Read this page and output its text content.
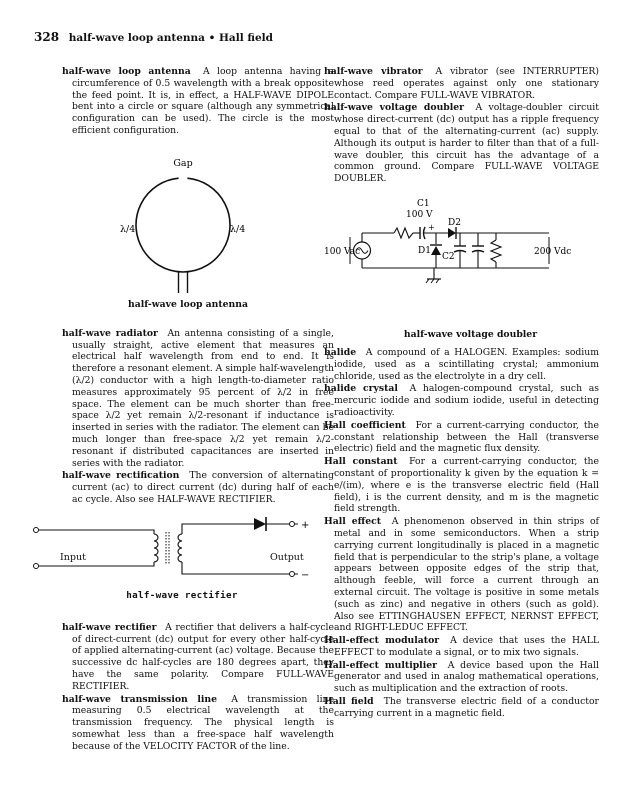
328 half-wave loop antenna • Hall field
half-wave loop antenna A loop antenna having a circumference of 0.5 wavelength with a break opposite the feed point. It is, in effect, a HALF-WAVE DIPOLE bent into a circle or square (although any symmetrical configuration can be used). The circle is the most efficient configuration.
Gap
λ/4	λ/4
half-wave loop antenna
half-wave radiator An antenna consisting of a single, usually straight, active element that measures an electrical half wavelength from end to end. It is therefore a resonant element. A simple half-wavelength (λ/2) conductor with a high length-to-diameter ratio measures approximately 95 percent of λ/2 in free space. The element can be much shorter than free-space λ/2 yet remain λ/2-resonant if inductance is inserted in series with the radiator. The element can be much longer than free-space λ/2 yet remain λ/2-resonant if distributed capacitances are inserted in series with the radiator.
half-wave rectification The conversion of alternating current (ac) to direct current (dc) during half of each ac cycle. Also see HALF-WAVE RECTIFIER.
+
−
Input	Output
half-wave rectifier
half-wave rectifier A rectifier that delivers a half-cycle of direct-current (dc) output for every other half-cycle of applied alternating-current (ac) voltage. Because the successive dc half-cycles are 180 degrees apart, they have the same polarity. Compare FULL-WAVE RECTIFIER.
half-wave transmission line A transmission line measuring 0.5 electrical wavelength at the transmission frequency. The physical length is somewhat less than a free-space half wavelength because of the VELOCITY FACTOR of the line.
half-wave vibrator A vibrator (see INTERRUPTER) whose reed operates against only one stationary contact. Compare FULL-WAVE VIBRATOR.
half-wave voltage doubler A voltage-doubler circuit whose direct-current (dc) output has a ripple frequency equal to that of the alternating-current (ac) supply. Although its output is harder to filter than that of a full-wave doubler, this circuit has the advantage of a common ground. Compare FULL-WAVE VOLTAGE DOUBLER.
C1
100 V
D2
+
100 Vac	D1
C2	200 Vdc
half-wave voltage doubler
halide A compound of a HALOGEN. Examples: sodium iodide, used as a scintillating crystal; ammonium chloride, used as the electrolyte in a dry cell.
halide crystal A halogen-compound crystal, such as mercuric iodide and sodium iodide, useful in detecting radioactivity.
Hall coefficient For a current-carrying conductor, the constant relationship between the Hall (transverse electric) field and the magnetic flux density.
Hall constant For a current-carrying conductor, the constant of proportionality k given by the equation k = e/(im), where e is the transverse electric field (Hall field), i is the current density, and m is the magnetic field strength.
Hall effect A phenomenon observed in thin strips of metal and in some semiconductors. When a strip carrying current longitudinally is placed in a magnetic field that is perpendicular to the strip's plane, a voltage appears between opposite edges of the strip that, although feeble, will force a current through an external circuit. The voltage is positive in some metals (such as zinc) and negative in others (such as gold). Also see ETTINGHAUSEN EFFECT, NERNST EFFECT, and RIGHT-LEDUC EFFECT.
Hall-effect modulator A device that uses the HALL EFFECT to modulate a signal, or to mix two signals.
Hall-effect multiplier A device based upon the Hall generator and used in analog mathematical operations, such as multiplication and the extraction of roots.
Hall field The transverse electric field of a conductor carrying current in a magnetic field.
